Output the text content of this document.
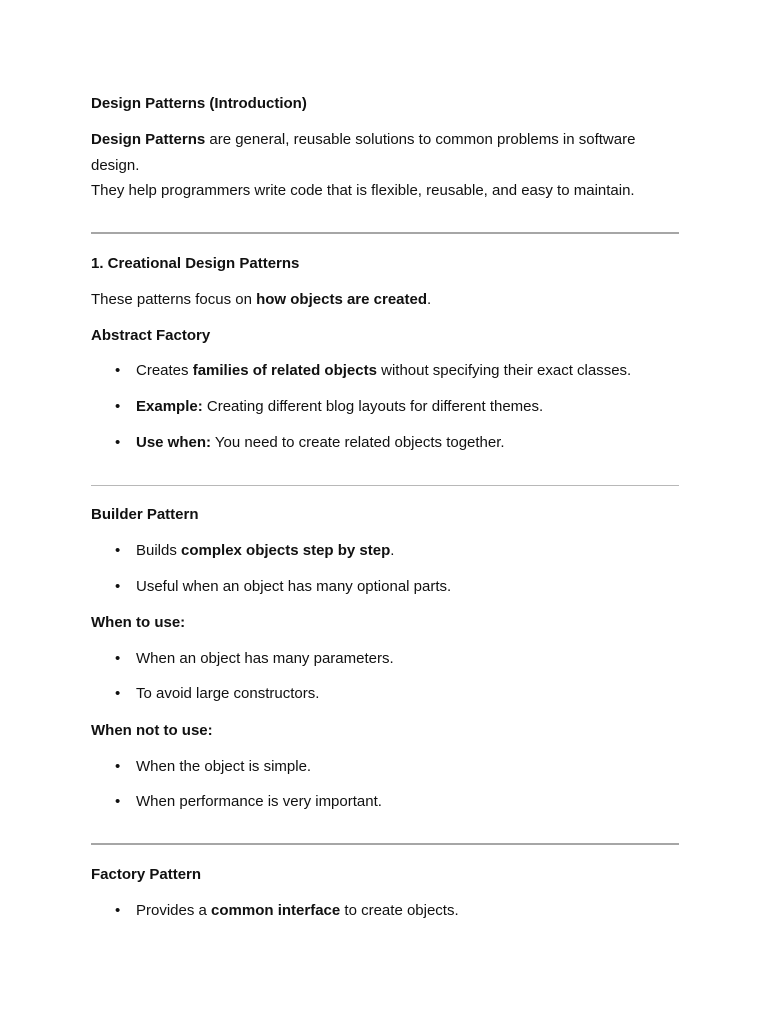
Design Patterns (Introduction)

Design Patterns are general, reusable solutions to common problems in software

design.

They help programmers write code that is flexible, reusable, and easy to maintain.

1. Creational Design Patterns

These patterns focus on how objects are created.

Abstract Factory

• Creates families of related objects without specifying their exact classes.
• Example: Creating different blog layouts for different themes.
• Use when: You need to create related objects together.

Builder Pattern

• Builds complex objects step by step.
• Useful when an object has many optional parts.

When to use:

• When an object has many parameters.
• To avoid large constructors.

When not to use:

• When the object is simple.
• When performance is very important.

Factory Pattern

• Provides a common interface to create objects.
